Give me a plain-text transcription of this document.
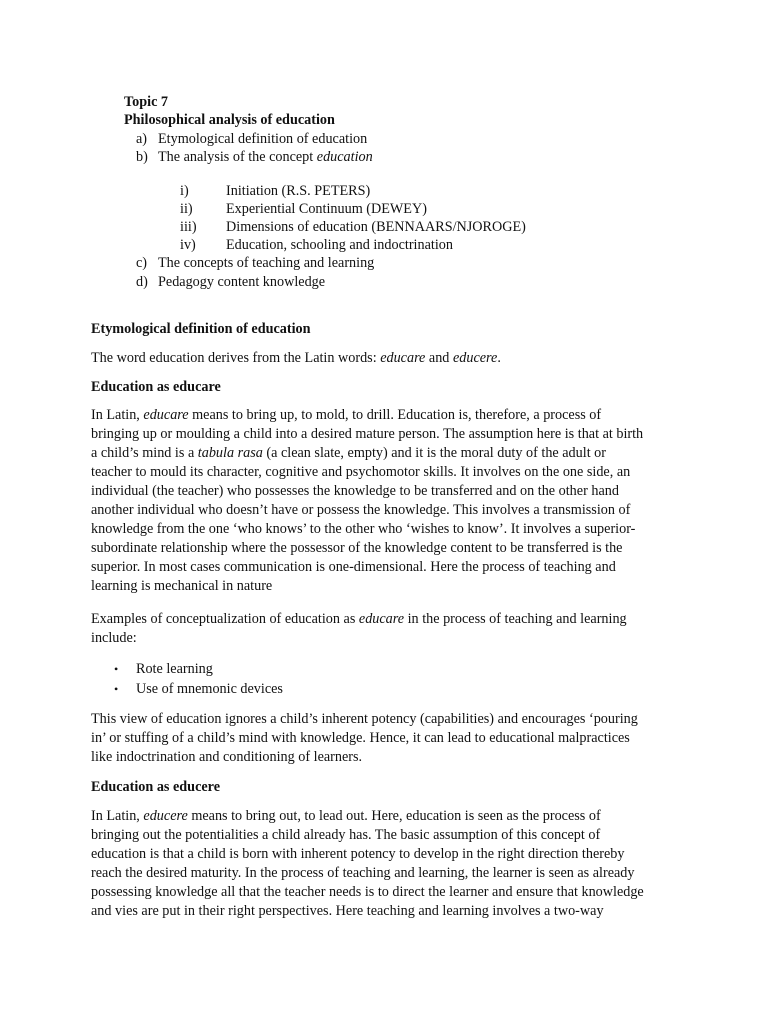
Topic 7
Philosophical analysis of education
a) Etymological definition of education
b) The analysis of the concept education
i)	Initiation (R.S. PETERS)
ii) Experiential Continuum (DEWEY)
iii) Dimensions of education (BENNAARS/NJOROGE)
iv) Education, schooling and indoctrination
c) The concepts of teaching and learning
d) Pedagogy content knowledge
Etymological definition of education
The word education derives from the Latin words: educare and educere.
Education as educare
In Latin, educare means to bring up, to mold, to drill. Education is, therefore, a process of
bringing up or moulding a child into a desired mature person. The assumption here is that at birth
a child’s mind is a tabula rasa (a clean slate, empty) and it is the moral duty of the adult or
teacher to mould its character, cognitive and psychomotor skills. It involves on the one side, an
individual (the teacher) who possesses the knowledge to be transferred and on the other hand
another individual who doesn’t have or possess the knowledge. This involves a transmission of
knowledge from the one ‘who knows’ to the other who ‘wishes to know’. It involves a superior-
subordinate relationship where the possessor of the knowledge content to be transferred is the
superior. In most cases communication is one-dimensional. Here the process of teaching and
learning is mechanical in nature
Examples of conceptualization of education as educare in the process of teaching and learning
include:
• Rote learning
• Use of mnemonic devices
This view of education ignores a child’s inherent potency (capabilities) and encourages ‘pouring
in’ or stuffing of a child’s mind with knowledge. Hence, it can lead to educational malpractices
like indoctrination and conditioning of learners.
Education as educere
In Latin, educere means to bring out, to lead out. Here, education is seen as the process of
bringing out the potentialities a child already has. The basic assumption of this concept of
education is that a child is born with inherent potency to develop in the right direction thereby
reach the desired maturity. In the process of teaching and learning, the learner is seen as already
possessing knowledge all that the teacher needs is to direct the learner and ensure that knowledge
and vies are put in their right perspectives. Here teaching and learning involves a two-way
